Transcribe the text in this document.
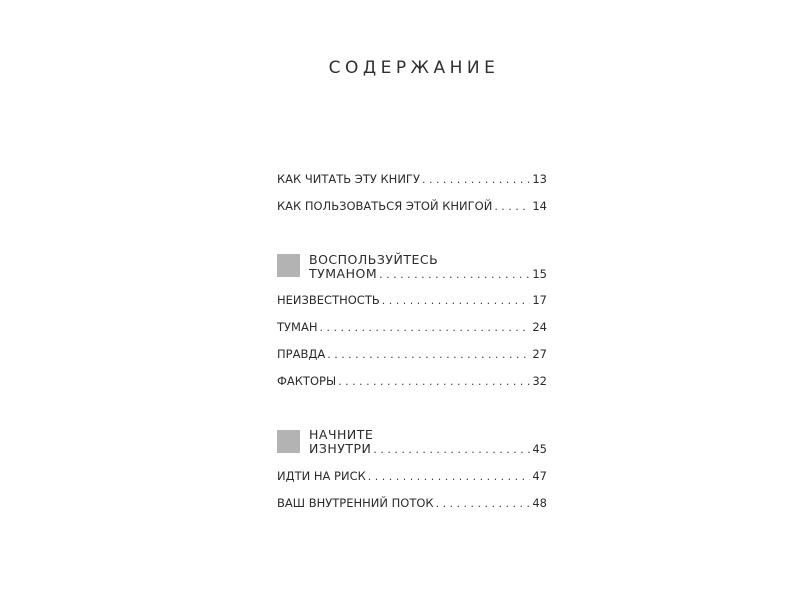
СОДЕРЖАНИЕ
КАК ЧИТАТЬ ЭТУ КНИГУ . . .	13
КАК ПОЛЬЗОВАТЬСЯ ЭТОЙ КНИГОЙ . . .	14
ВОСПОЛЬЗУЙТЕСЬ
ТУМАНОМ . . .	15
НЕИЗВЕСТНОСТЬ . . .	17
ТУМАН . . .	24
ПРАВДА . . .	27
ФАКТОРЫ . . .	32
НАЧНИТЕ
ИЗНУТРИ . . .	45
ИДТИ НА РИСК . . .	47
ВАШ ВНУТРЕННИЙ ПОТОК . . .	48
